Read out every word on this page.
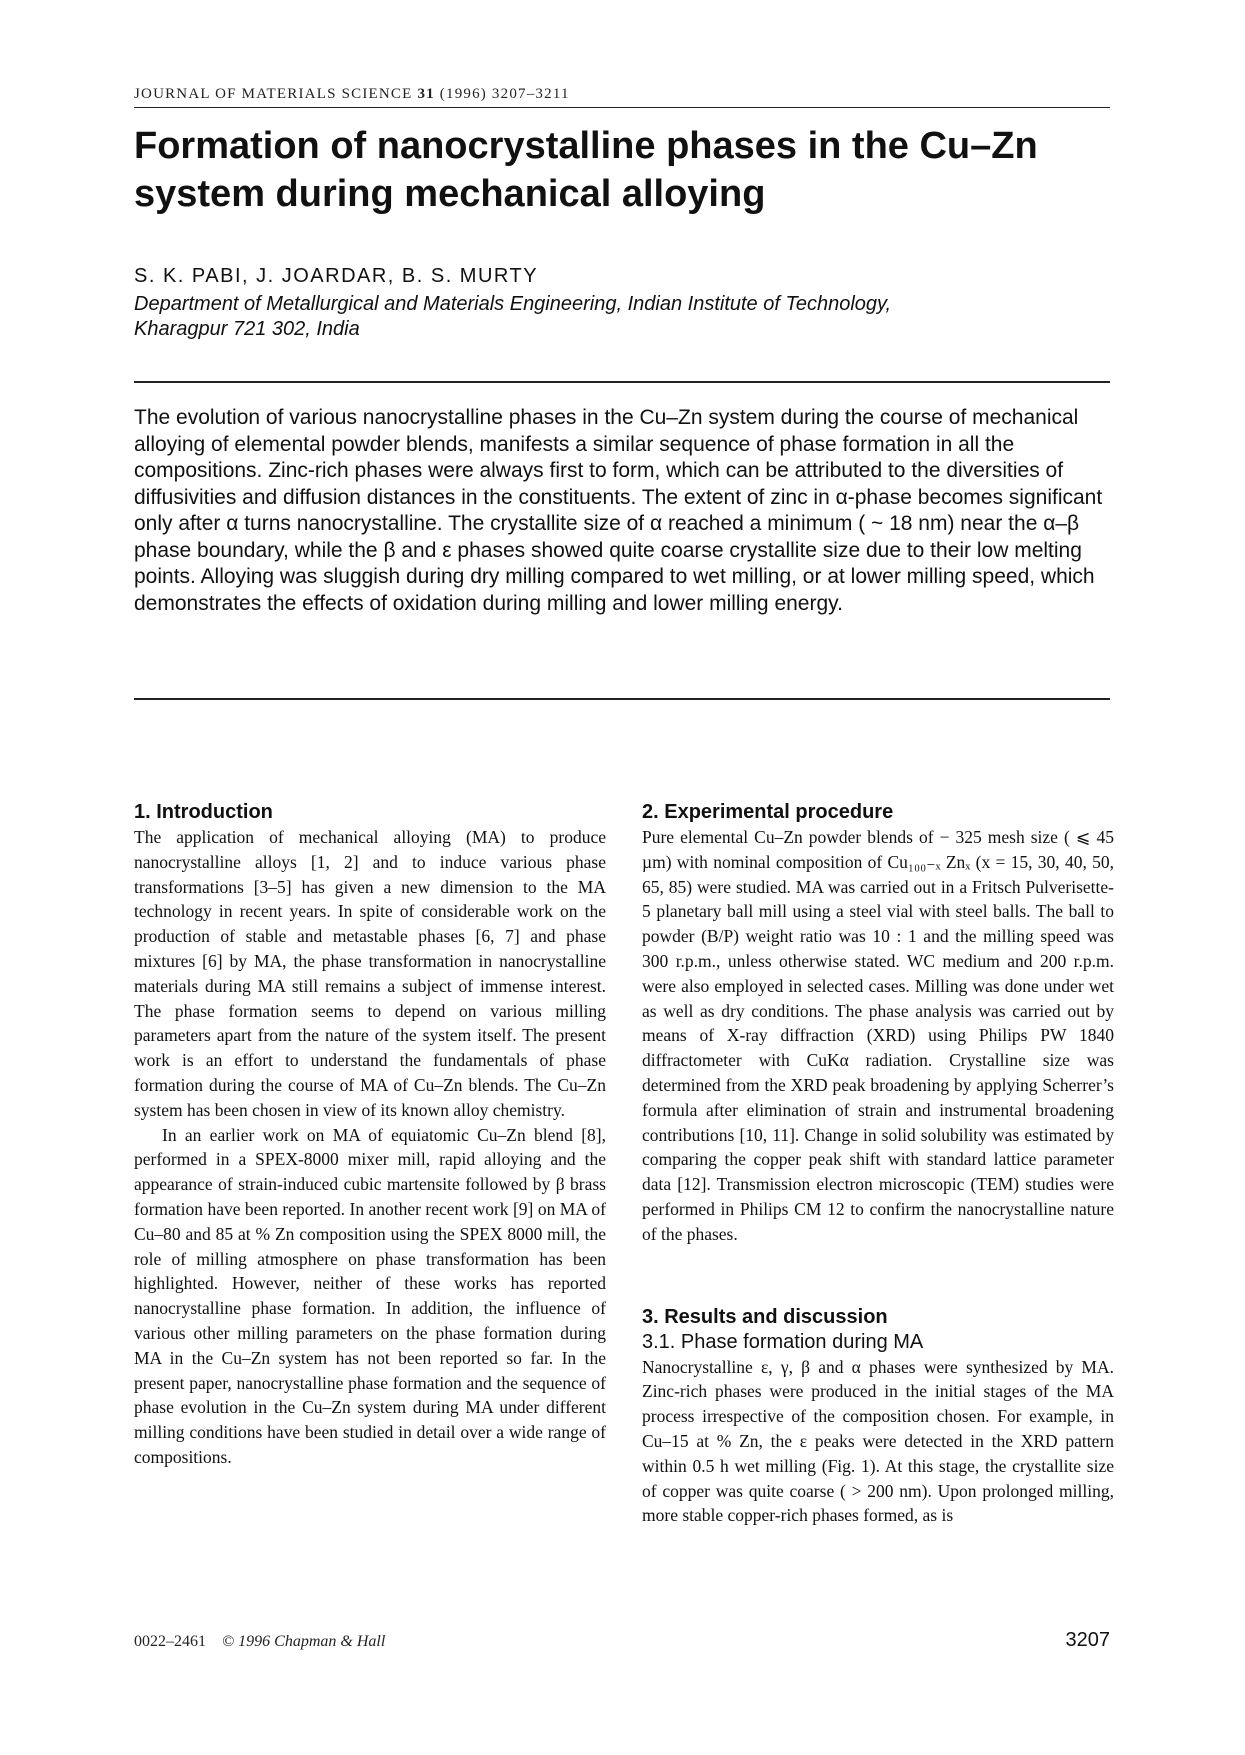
JOURNAL OF MATERIALS SCIENCE 31 (1996) 3207–3211
Formation of nanocrystalline phases in the Cu–Zn
system during mechanical alloying
S. K. PABI, J. JOARDAR, B. S. MURTY
Department of Metallurgical and Materials Engineering, Indian Institute of Technology,
Kharagpur 721 302, India

The evolution of various nanocrystalline phases in the Cu–Zn system during the course of mechanical alloying of elemental powder blends, manifests a similar sequence of phase formation in all the compositions. Zinc-rich phases were always first to form, which can be attributed to the diversities of diffusivities and diffusion distances in the constituents. The extent of zinc in α-phase becomes significant only after α turns nanocrystalline. The crystallite size of α reached a minimum ( ~ 18 nm) near the α–β phase boundary, while the β and ε phases showed quite coarse crystallite size due to their low melting points. Alloying was sluggish during dry milling compared to wet milling, or at lower milling speed, which demonstrates the effects of oxidation during milling and lower milling energy.

1. Introduction

The application of mechanical alloying (MA) to produce nanocrystalline alloys [1, 2] and to induce various phase transformations [3–5] has given a new dimension to the MA technology in recent years. In spite of considerable work on the production of stable and metastable phases [6, 7] and phase mixtures [6] by MA, the phase transformation in nanocrystalline materials during MA still remains a subject of immense interest. The phase formation seems to depend on various milling parameters apart from the nature of the system itself. The present work is an effort to understand the fundamentals of phase formation during the course of MA of Cu–Zn blends. The Cu–Zn system has been chosen in view of its known alloy chemistry.

In an earlier work on MA of equiatomic Cu–Zn blend [8], performed in a SPEX-8000 mixer mill, rapid alloying and the appearance of strain-induced cubic martensite followed by β brass formation have been reported. In another recent work [9] on MA of Cu–80 and 85 at % Zn composition using the SPEX 8000 mill, the role of milling atmosphere on phase transformation has been highlighted. However, neither of these works has reported nanocrystalline phase formation. In addition, the influence of various other milling parameters on the phase formation during MA in the Cu–Zn system has not been reported so far. In the present paper, nanocrystalline phase formation and the sequence of phase evolution in the Cu–Zn system during MA under different milling conditions have been studied in detail over a wide range of compositions.

2. Experimental procedure

Pure elemental Cu–Zn powder blends of − 325 mesh size ( ⩽ 45 µm) with nominal composition of Cu₁₀₀₋ₓ Znₓ (x = 15, 30, 40, 50, 65, 85) were studied. MA was carried out in a Fritsch Pulverisette-5 planetary ball mill using a steel vial with steel balls. The ball to powder (B/P) weight ratio was 10 : 1 and the milling speed was 300 r.p.m., unless otherwise stated. WC medium and 200 r.p.m. were also employed in selected cases. Milling was done under wet as well as dry conditions. The phase analysis was carried out by means of X-ray diffraction (XRD) using Philips PW 1840 diffractometer with CuKα radiation. Crystalline size was determined from the XRD peak broadening by applying Scherrer’s formula after elimination of strain and instrumental broadening contributions [10, 11]. Change in solid solubility was estimated by comparing the copper peak shift with standard lattice parameter data [12]. Transmission electron microscopic (TEM) studies were performed in Philips CM 12 to confirm the nanocrystalline nature of the phases.

3. Results and discussion
3.1. Phase formation during MA

Nanocrystalline ε, γ, β and α phases were synthesized by MA. Zinc-rich phases were produced in the initial stages of the MA process irrespective of the composition chosen. For example, in Cu–15 at % Zn, the ε peaks were detected in the XRD pattern within 0.5 h wet milling (Fig. 1). At this stage, the crystallite size of copper was quite coarse ( > 200 nm). Upon prolonged milling, more stable copper-rich phases formed, as is

0022–2461 © 1996 Chapman & Hall	3207
